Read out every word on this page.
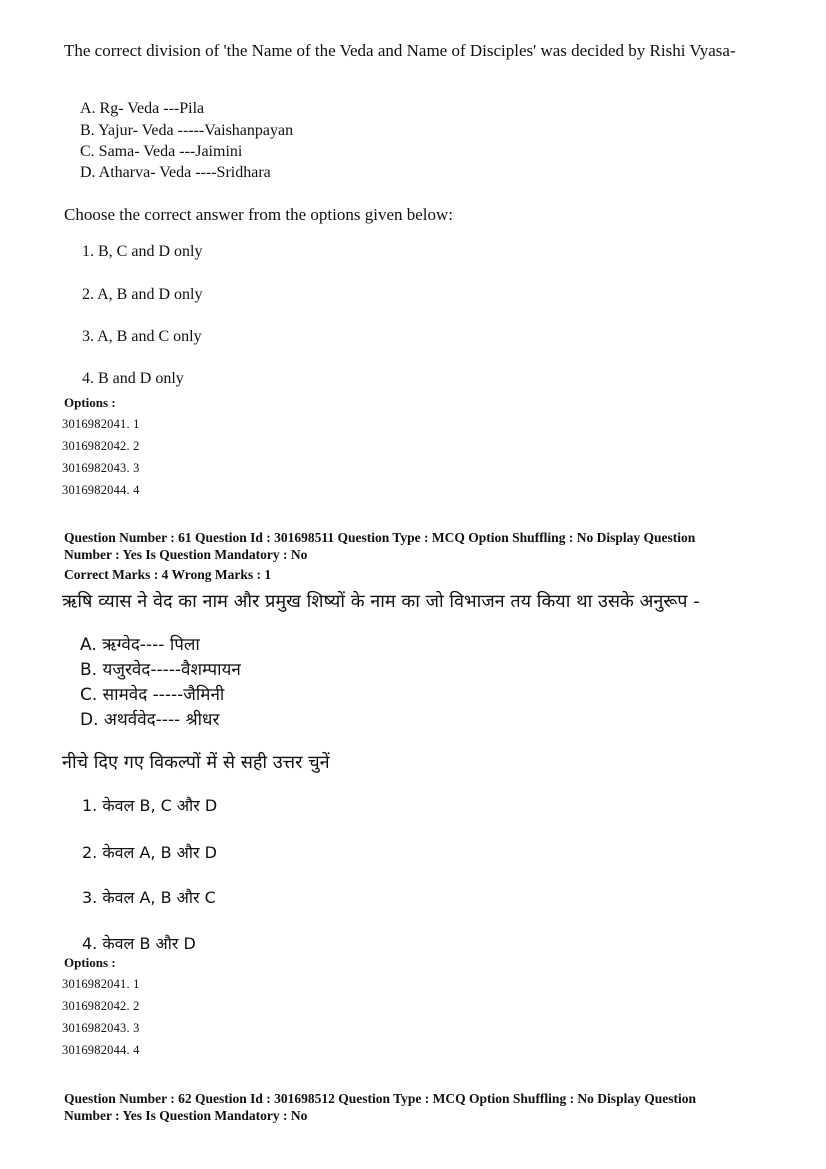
The correct division of 'the Name of the Veda and Name of Disciples' was decided by Rishi Vyasa-
A. Rg- Veda ---Pila
B. Yajur- Veda -----Vaishanpayan
C. Sama- Veda ---Jaimini
D. Atharva- Veda ----Sridhara
Choose the correct answer from the options given below:
1. B, C and D only
2. A, B and D only
3. A, B and C only
4. B and D only
Options :
3016982041. 1
3016982042. 2
3016982043. 3
3016982044. 4
Question Number : 61 Question Id : 301698511 Question Type : MCQ Option Shuffling : No Display Question
Number : Yes Is Question Mandatory : No
Correct Marks : 4 Wrong Marks : 1
ऋषि व्यास ने वेद का नाम और प्रमुख शिष्यों के नाम का जो विभाजन तय किया था उसके अनुरूप -
A. ऋग्वेद---- पिला
B. यजुरवेद-----वैशम्पायन
C. सामवेद -----जैमिनी
D. अथर्ववेद---- श्रीधर
नीचे दिए गए विकल्पों में से सही उत्तर चुनें
1. केवल B, C और D
2. केवल A, B और D
3. केवल A, B और C
4. केवल B और D
Options :
3016982041. 1
3016982042. 2
3016982043. 3
3016982044. 4
Question Number : 62 Question Id : 301698512 Question Type : MCQ Option Shuffling : No Display Question
Number : Yes Is Question Mandatory : No
